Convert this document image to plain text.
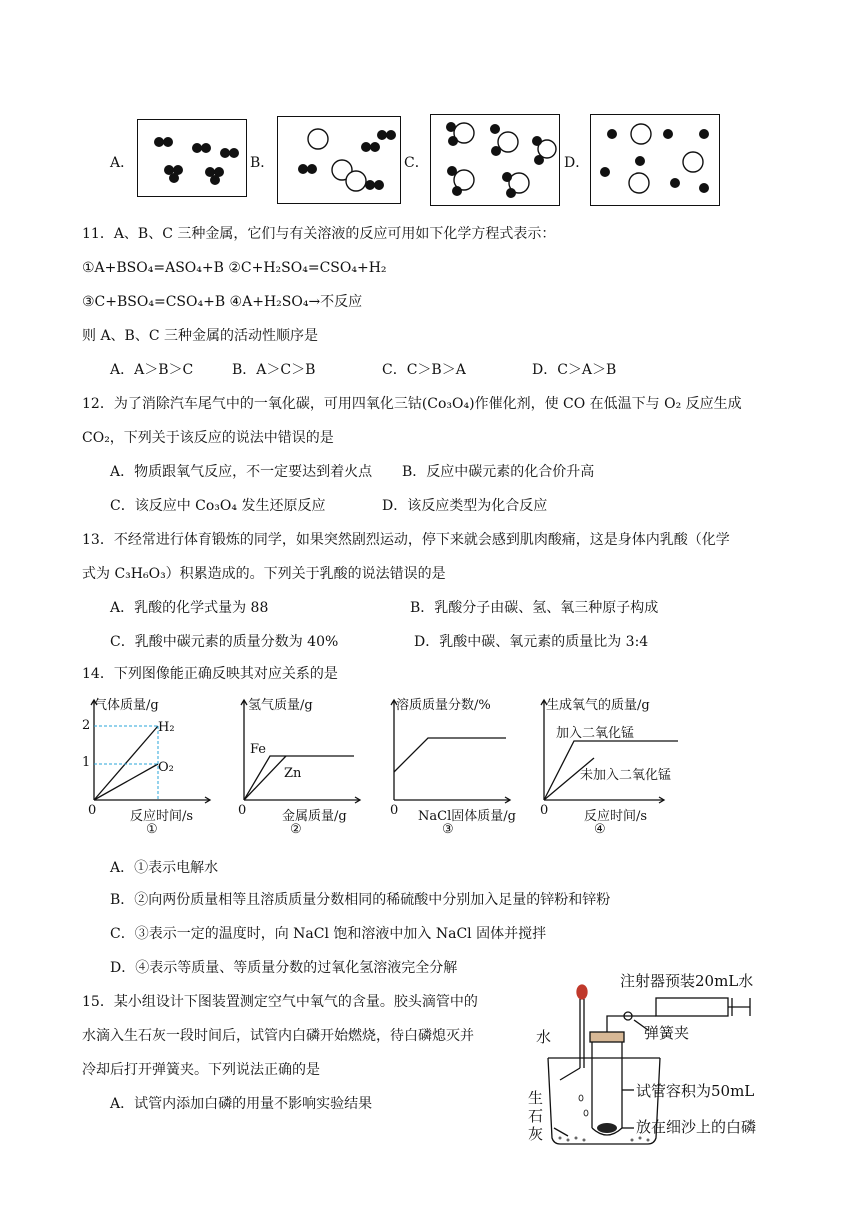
A．	B．	C．	D．
11．A、B、C 三种金属，它们与有关溶液的反应可用如下化学方程式表示：
①A+BSO₄=ASO₄+B ②C+H₂SO₄=CSO₄+H₂
③C+BSO₄=CSO₄+B ④A+H₂SO₄→不反应
则 A、B、C 三种金属的活动性顺序是
A．A＞B＞C	B．A＞C＞B	C．C＞B＞A	D．C＞A＞B
12．为了消除汽车尾气中的一氧化碳，可用四氧化三钴(Co₃O₄)作催化剂，使 CO 在低温下与 O₂ 反应生成
CO₂，下列关于该反应的说法中错误的是
A．物质跟氧气反应，不一定要达到着火点 B．反应中碳元素的化合价升高
C．该反应中 Co₃O₄ 发生还原反应	D．该反应类型为化合反应
13．不经常进行体育锻炼的同学，如果突然剧烈运动，停下来就会感到肌肉酸痛，这是身体内乳酸（化学
式为 C₃H₆O₃）积累造成的。下列关于乳酸的说法错误的是
A．乳酸的化学式量为 88	B．乳酸分子由碳、氢、氧三种原子构成
C．乳酸中碳元素的质量分数为 40%	D．乳酸中碳、氧元素的质量比为 3:4
14．下列图像能正确反映其对应关系的是
气体质量/g
2
1
0
H₂
O₂
反应时间/s
①
氢气质量/g
0
Fe
Zn
金属质量/g
②
溶质质量分数/%
0 NaCl固体质量/g
③
生成氧气的质量/g
0
加入二氧化锰
未加入二氧化锰
反应时间/s
④
A．①表示电解水
B．②向两份质量相等且溶质质量分数相同的稀硫酸中分别加入足量的锌粉和锌粉
C．③表示一定的温度时，向 NaCl 饱和溶液中加入 NaCl 固体并搅拌
D．④表示等质量、等质量分数的过氧化氢溶液完全分解
15．某小组设计下图装置测定空气中氧气的含量。胶头滴管中的
水滴入生石灰一段时间后，试管内白磷开始燃烧，待白磷熄灭并
冷却后打开弹簧夹。下列说法正确的是
A．试管内添加白磷的用量不影响实验结果
注射器预装20mL水
弹簧夹
水
试管容积为50mL
生
石
灰	放在细沙上的白磷
